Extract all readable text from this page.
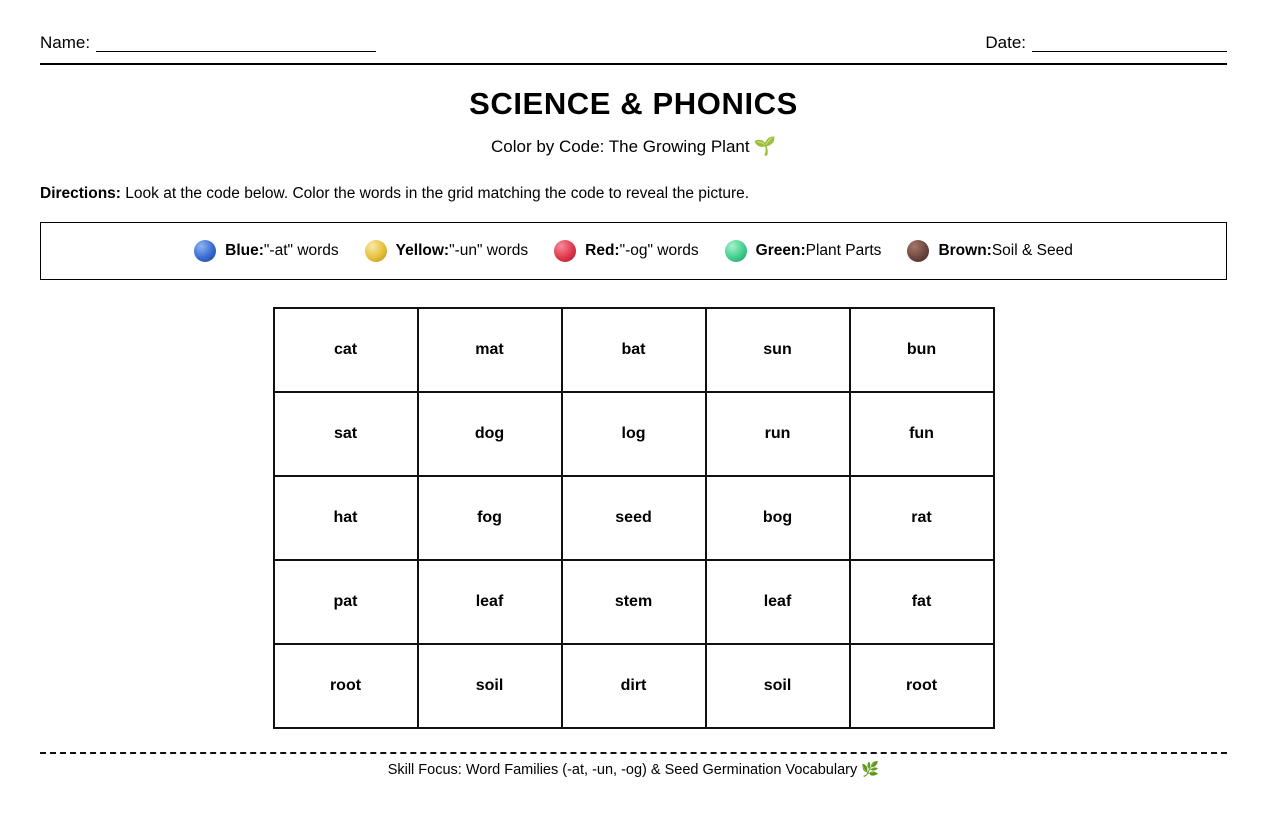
Name:	Date:
SCIENCE & PHONICS
Color by Code: The Growing Plant 🌱
Directions: Look at the code below. Color the words in the grid matching the code to reveal the picture.
Blue: "-at" words	Yellow: "-un" words	Red: "-og" words	Green: Plant Parts	Brown: Soil & Seed
cat	mat	bat	sun	bun
sat	dog	log	run	fun
hat	fog	seed	bog	rat
pat	leaf	stem	leaf	fat
root	soil	dirt	soil	root
Skill Focus: Word Families (-at, -un, -og) & Seed Germination Vocabulary 🌿
